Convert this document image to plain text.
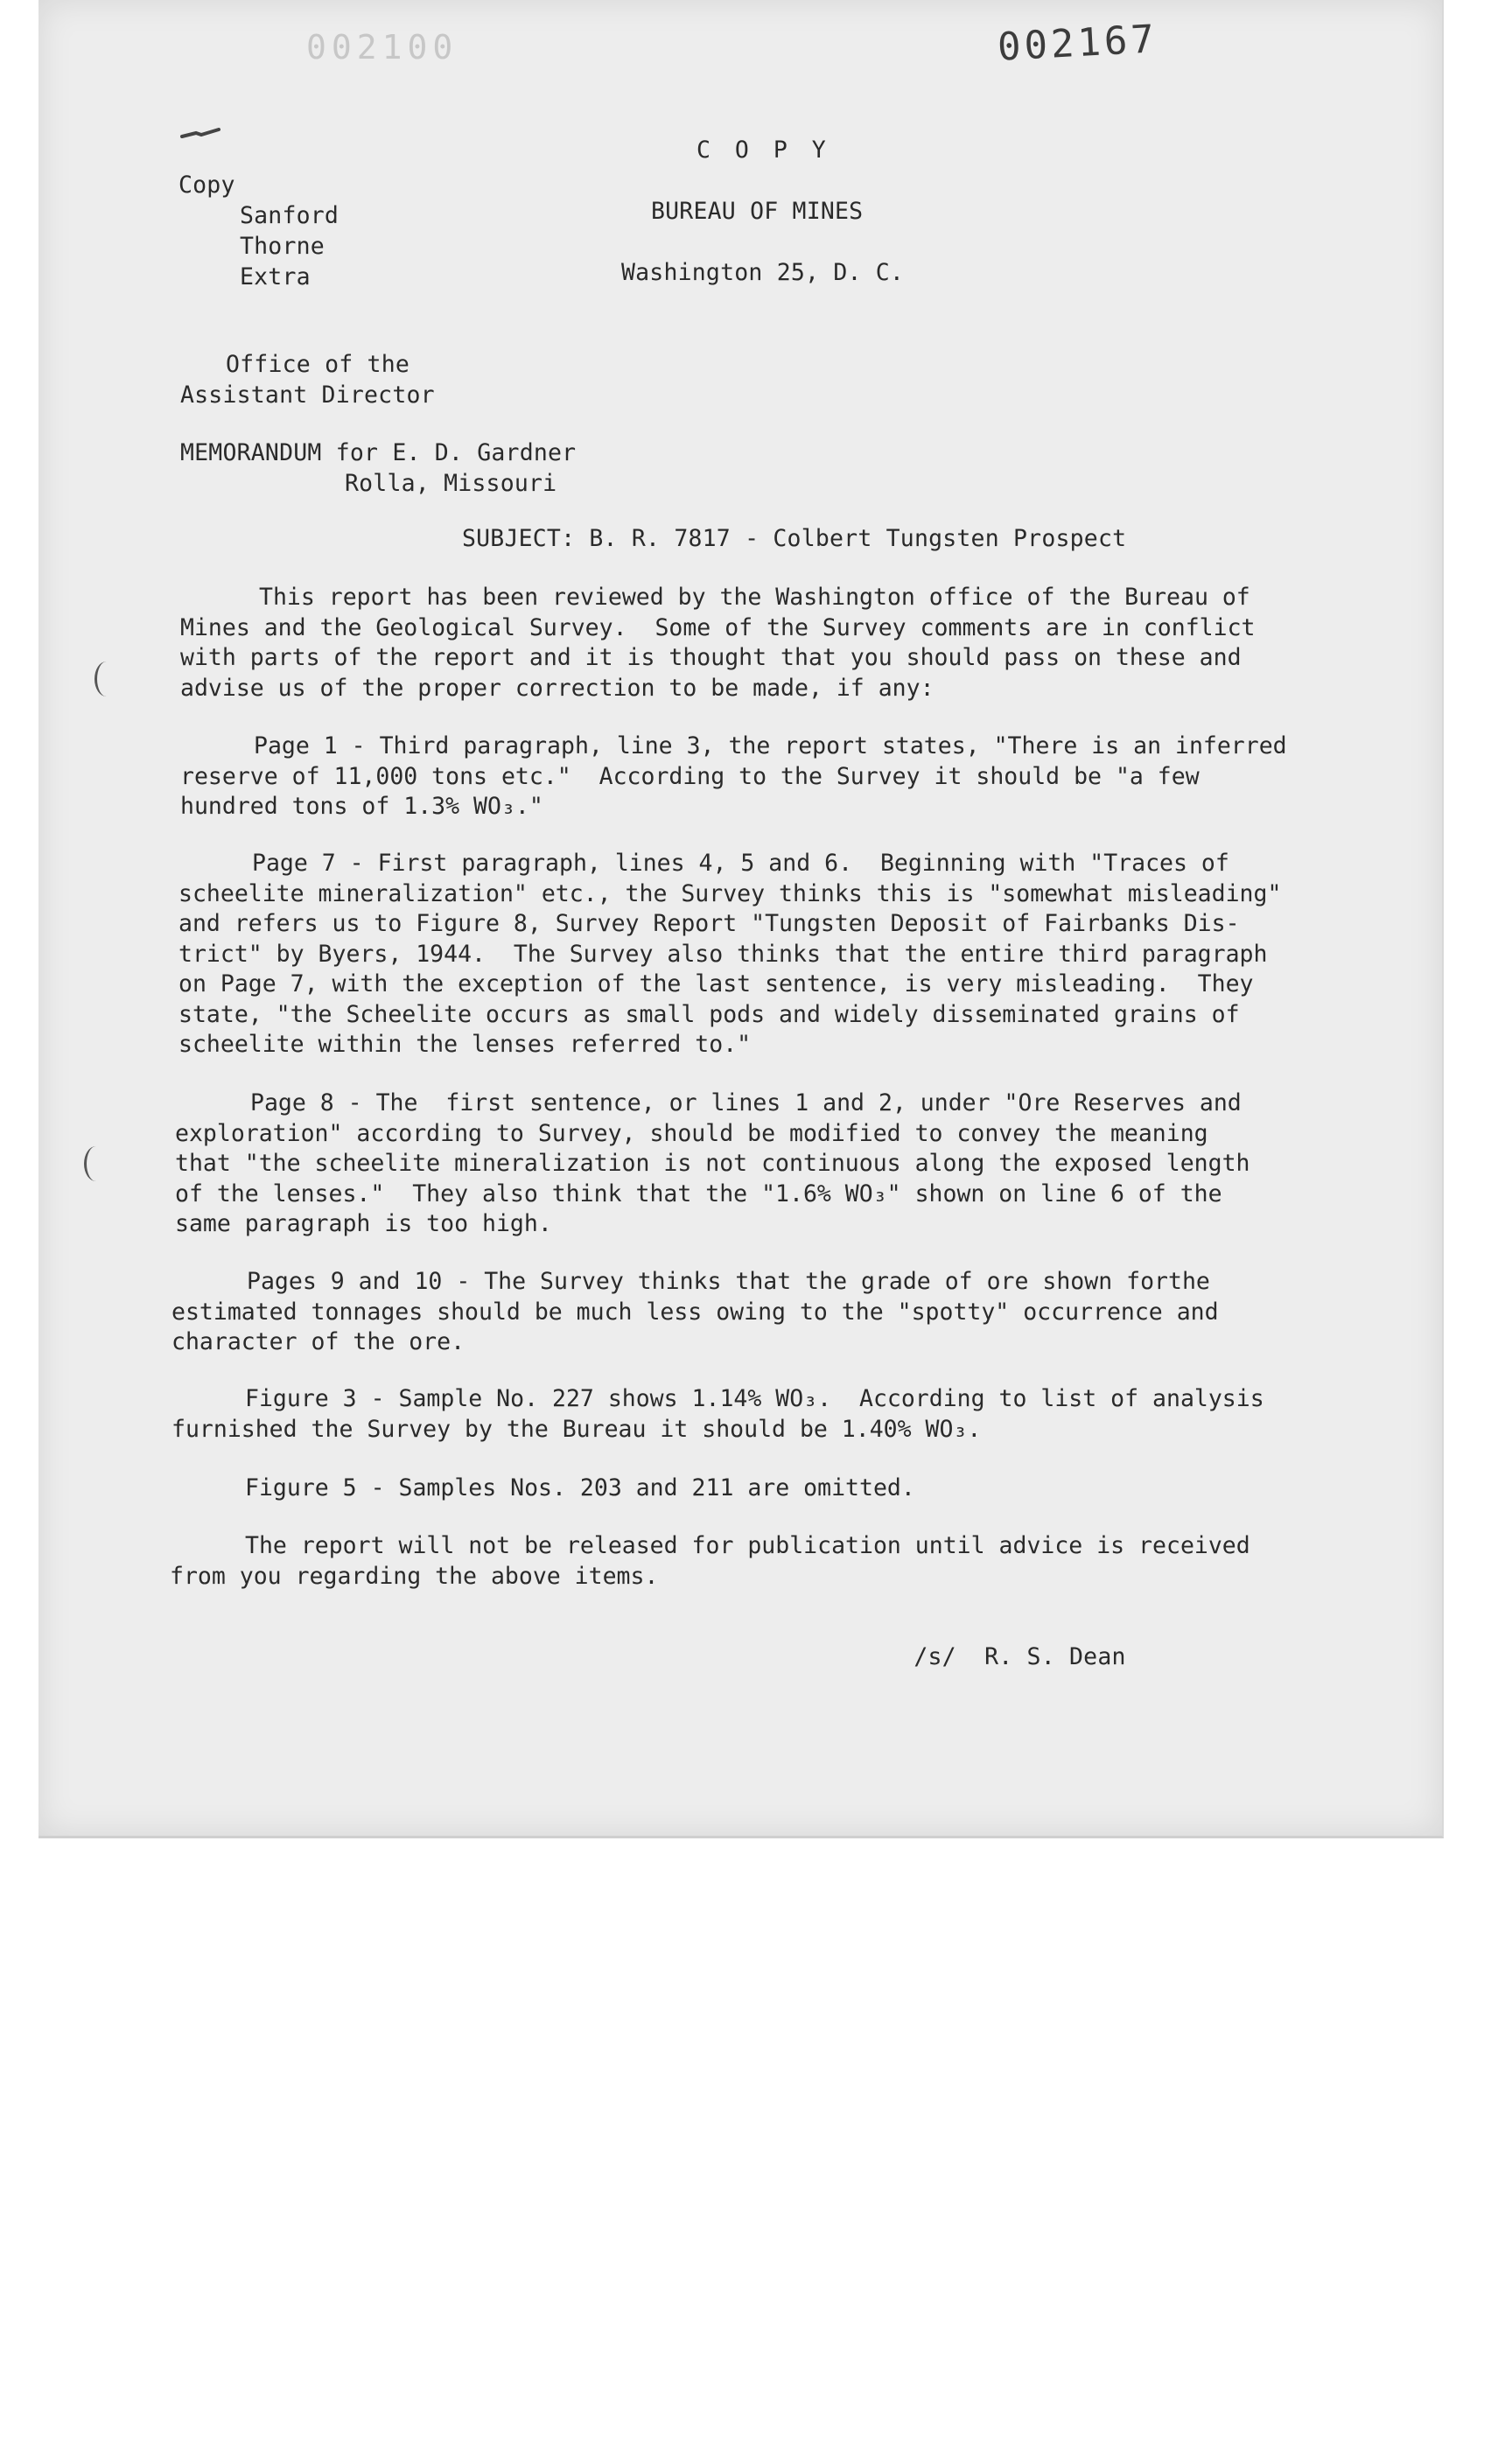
002100	002167
C O P Y
Copy
Sanford
Thorne
Extra
BUREAU OF MINES
Washington 25, D. C.
Office of the
Assistant Director
MEMORANDUM for E. D. Gardner
Rolla, Missouri
SUBJECT: B. R. 7817 - Colbert Tungsten Prospect
This report has been reviewed by the Washington office of the Bureau of
Mines and the Geological Survey.  Some of the Survey comments are in conflict
with parts of the report and it is thought that you should pass on these and
advise us of the proper correction to be made, if any:
Page 1 - Third paragraph, line 3, the report states, "There is an inferred
reserve of 11,000 tons etc."  According to the Survey it should be "a few
hundred tons of 1.3% WO₃."
Page 7 - First paragraph, lines 4, 5 and 6.  Beginning with "Traces of
scheelite mineralization" etc., the Survey thinks this is "somewhat misleading"
and refers us to Figure 8, Survey Report "Tungsten Deposit of Fairbanks Dis-
trict" by Byers, 1944.  The Survey also thinks that the entire third paragraph
on Page 7, with the exception of the last sentence, is very misleading.  They
state, "the Scheelite occurs as small pods and widely disseminated grains of
scheelite within the lenses referred to."
Page 8 - The  first sentence, or lines 1 and 2, under "Ore Reserves and
exploration" according to Survey, should be modified to convey the meaning
that "the scheelite mineralization is not continuous along the exposed length
of the lenses."  They also think that the "1.6% WO₃" shown on line 6 of the
same paragraph is too high.
Pages 9 and 10 - The Survey thinks that the grade of ore shown forthe
estimated tonnages should be much less owing to the "spotty" occurrence and
character of the ore.
Figure 3 - Sample No. 227 shows 1.14% WO₃.  According to list of analysis
furnished the Survey by the Bureau it should be 1.40% WO₃.
Figure 5 - Samples Nos. 203 and 211 are omitted.
The report will not be released for publication until advice is received
from you regarding the above items.

/s/ R. S. Dean
